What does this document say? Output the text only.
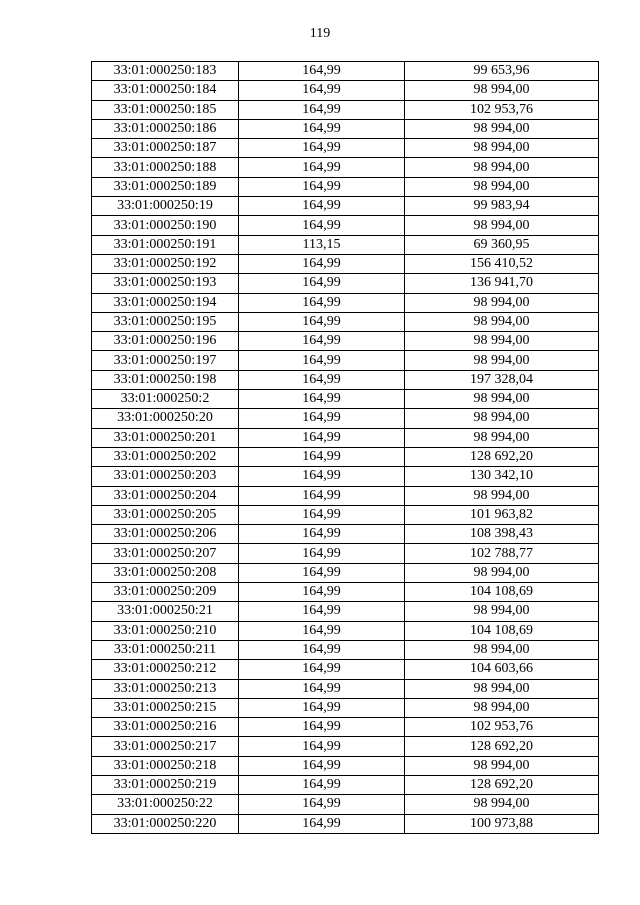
119
33:01:000250:183	164,99	99 653,96
33:01:000250:184	164,99	98 994,00
33:01:000250:185	164,99	102 953,76
33:01:000250:186	164,99	98 994,00
33:01:000250:187	164,99	98 994,00
33:01:000250:188	164,99	98 994,00
33:01:000250:189	164,99	98 994,00
33:01:000250:19	164,99	99 983,94
33:01:000250:190	164,99	98 994,00
33:01:000250:191	113,15	69 360,95
33:01:000250:192	164,99	156 410,52
33:01:000250:193	164,99	136 941,70
33:01:000250:194	164,99	98 994,00
33:01:000250:195	164,99	98 994,00
33:01:000250:196	164,99	98 994,00
33:01:000250:197	164,99	98 994,00
33:01:000250:198	164,99	197 328,04
33:01:000250:2	164,99	98 994,00
33:01:000250:20	164,99	98 994,00
33:01:000250:201	164,99	98 994,00
33:01:000250:202	164,99	128 692,20
33:01:000250:203	164,99	130 342,10
33:01:000250:204	164,99	98 994,00
33:01:000250:205	164,99	101 963,82
33:01:000250:206	164,99	108 398,43
33:01:000250:207	164,99	102 788,77
33:01:000250:208	164,99	98 994,00
33:01:000250:209	164,99	104 108,69
33:01:000250:21	164,99	98 994,00
33:01:000250:210	164,99	104 108,69
33:01:000250:211	164,99	98 994,00
33:01:000250:212	164,99	104 603,66
33:01:000250:213	164,99	98 994,00
33:01:000250:215	164,99	98 994,00
33:01:000250:216	164,99	102 953,76
33:01:000250:217	164,99	128 692,20
33:01:000250:218	164,99	98 994,00
33:01:000250:219	164,99	128 692,20
33:01:000250:22	164,99	98 994,00
33:01:000250:220	164,99	100 973,88
